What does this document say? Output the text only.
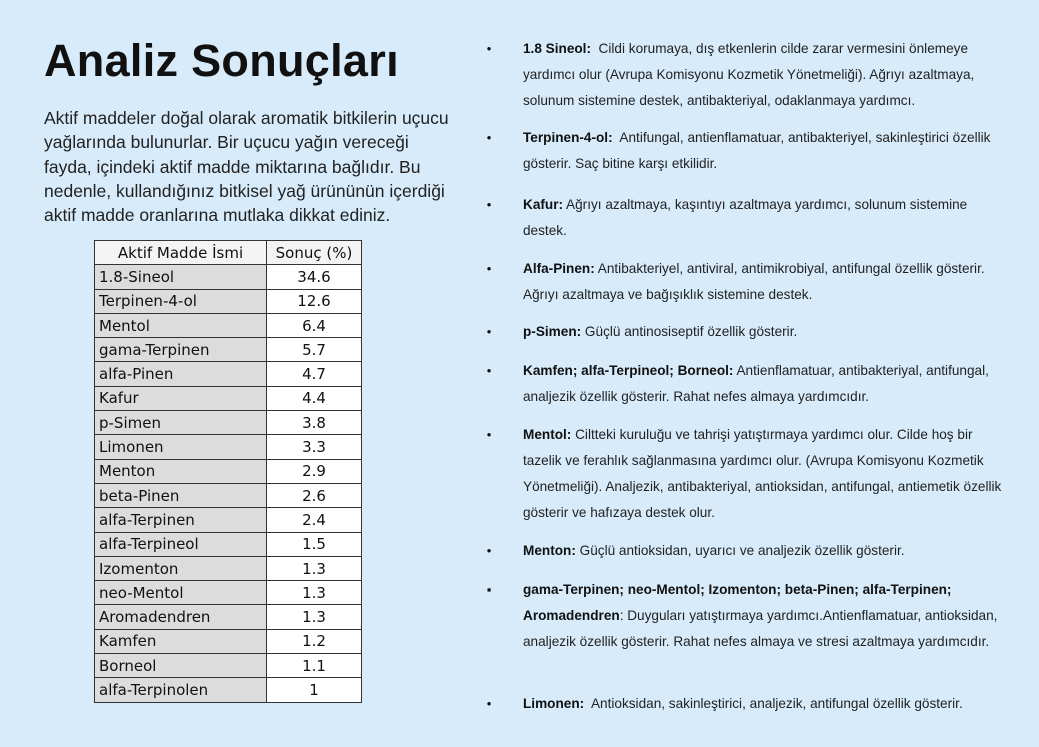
Analiz Sonuçları
Aktif maddeler doğal olarak aromatik bitkilerin uçucu yağlarında bulunurlar. Bir uçucu yağın vereceği fayda, içindeki aktif madde miktarına bağlıdır. Bu nedenle, kullandığınız bitkisel yağ ürününün içerdiği aktif madde oranlarına mutlaka dikkat ediniz.
Aktif Madde İsmi	Sonuç (%)
1.8-Sineol	34.6
Terpinen-4-ol	12.6
Mentol	6.4
gama-Terpinen	5.7
alfa-Pinen	4.7
Kafur	4.4
p-Simen	3.8
Limonen	3.3
Menton	2.9
beta-Pinen	2.6
alfa-Terpinen	2.4
alfa-Terpineol	1.5
Izomenton	1.3
neo-Mentol	1.3
Aromadendren	1.3
Kamfen	1.2
Borneol	1.1
alfa-Terpinolen	1
• 1.8 Sineol:  Cildi korumaya, dış etkenlerin cilde zarar vermesini önlemeye yardımcı olur (Avrupa Komisyonu Kozmetik Yönetmeliği). Ağrıyı azaltmaya, solunum sistemine destek, antibakteriyal, odaklanmaya yardımcı.
• Terpinen-4-ol:  Antifungal, antienflamatuar, antibakteriyel, sakinleştirici özellik gösterir. Saç bitine karşı etkilidir.
• Kafur: Ağrıyı azaltmaya, kaşıntıyı azaltmaya yardımcı, solunum sistemine destek.
• Alfa-Pinen: Antibakteriyel, antiviral, antimikrobiyal, antifungal özellik gösterir. Ağrıyı azaltmaya ve bağışıklık sistemine destek.
• p-Simen: Güçlü antinosiseptif özellik gösterir.
• Kamfen; alfa-Terpineol; Borneol: Antienflamatuar, antibakteriyal, antifungal, analjezik özellik gösterir. Rahat nefes almaya yardımcıdır.
• Mentol: Ciltteki kuruluğu ve tahrişi yatıştırmaya yardımcı olur. Cilde hoş bir tazelik ve ferahlık sağlanmasına yardımcı olur. (Avrupa Komisyonu Kozmetik Yönetmeliği). Analjezik, antibakteriyal, antioksidan, antifungal, antiemetik özellik gösterir ve hafızaya destek olur.
• Menton: Güçlü antioksidan, uyarıcı ve analjezik özellik gösterir.
▪ gama-Terpinen; neo-Mentol; Izomenton; beta-Pinen; alfa-Terpinen; Aromadendren: Duyguları yatıştırmaya yardımcı.Antienflamatuar, antioksidan, analjezik özellik gösterir. Rahat nefes almaya ve stresi azaltmaya yardımcıdır.
• Limonen:  Antioksidan, sakinleştirici, analjezik, antifungal özellik gösterir.
